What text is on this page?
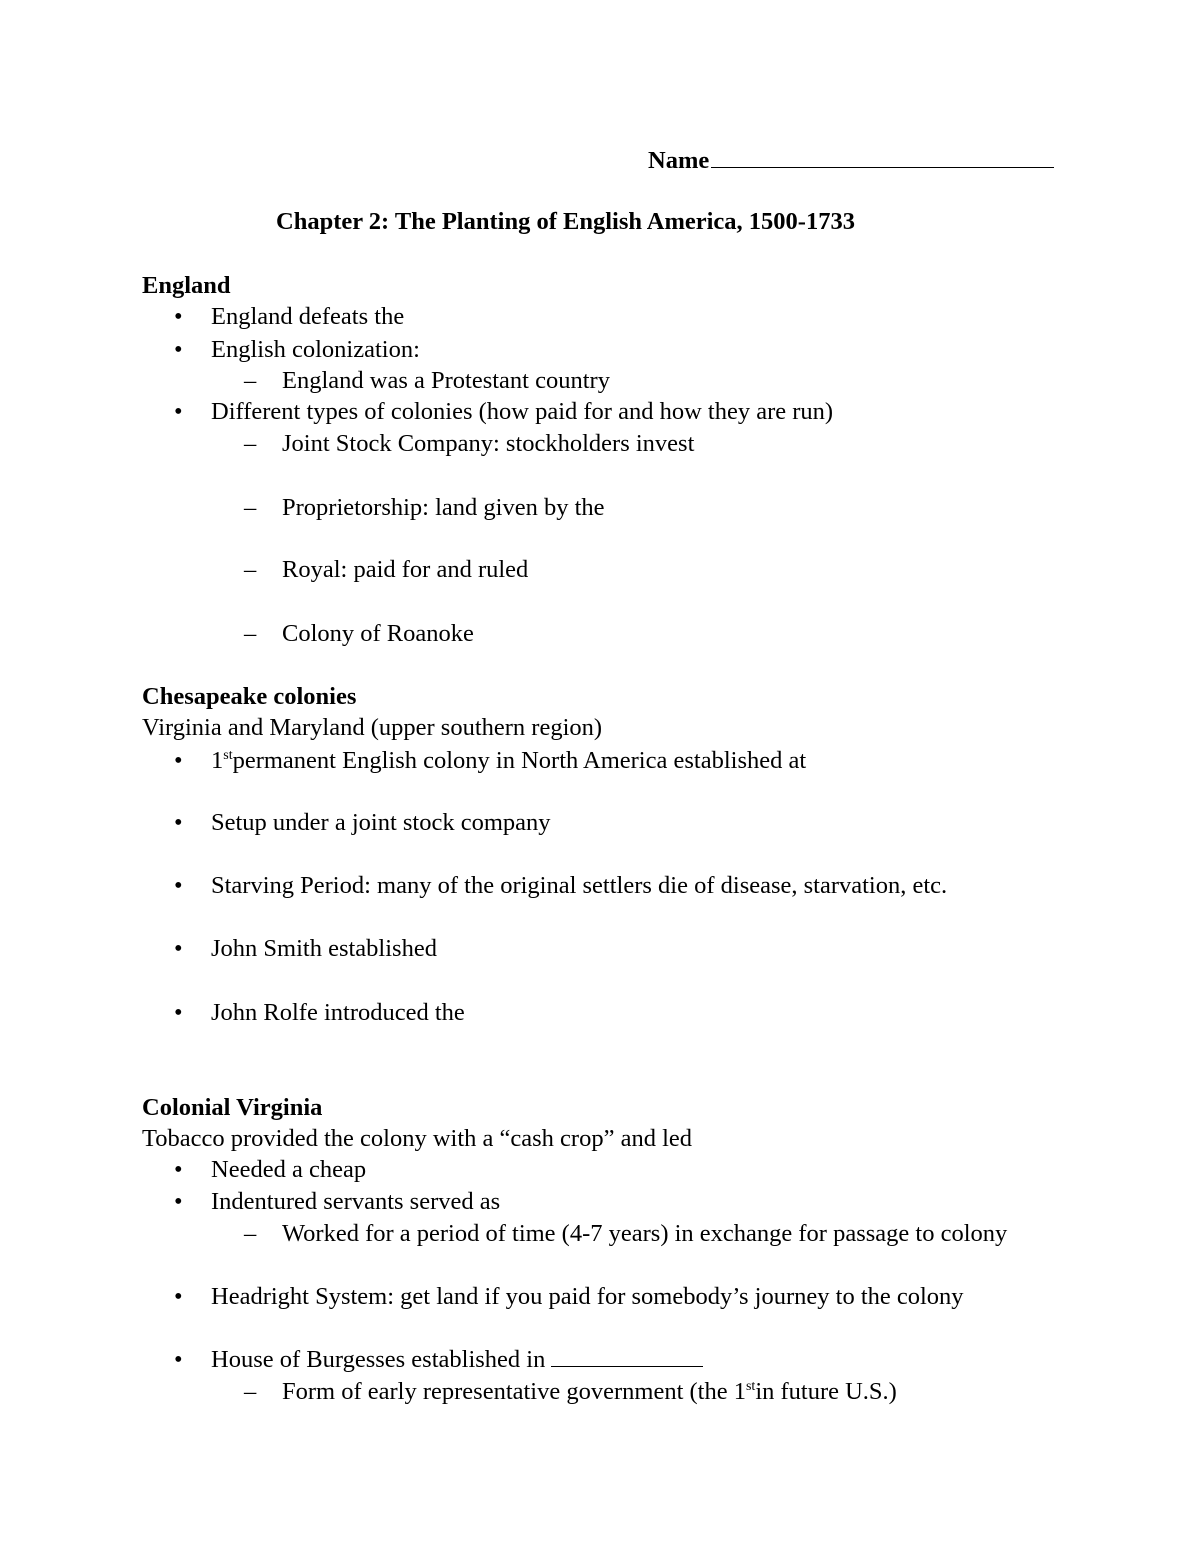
Name
Chapter 2: The Planting of English America, 1500-1733
England
• England defeats the
• English colonization:
– England was a Protestant country
• Different types of colonies (how paid for and how they are run)
– Joint Stock Company: stockholders invest
– Proprietorship: land given by the
– Royal: paid for and ruled
– Colony of Roanoke
Chesapeake colonies
Virginia and Maryland (upper southern region)
• 1stpermanent English colony in North America established at
• Setup under a joint stock company
• Starving Period: many of the original settlers die of disease, starvation, etc.
• John Smith established
• John Rolfe introduced the
Colonial Virginia
Tobacco provided the colony with a “cash crop” and led
• Needed a cheap
• Indentured servants served as
– Worked for a period of time (4-7 years) in exchange for passage to colony
• Headright System: get land if you paid for somebody’s journey to the colony
• House of Burgesses established in
– Form of early representative government (the 1stin future U.S.)
